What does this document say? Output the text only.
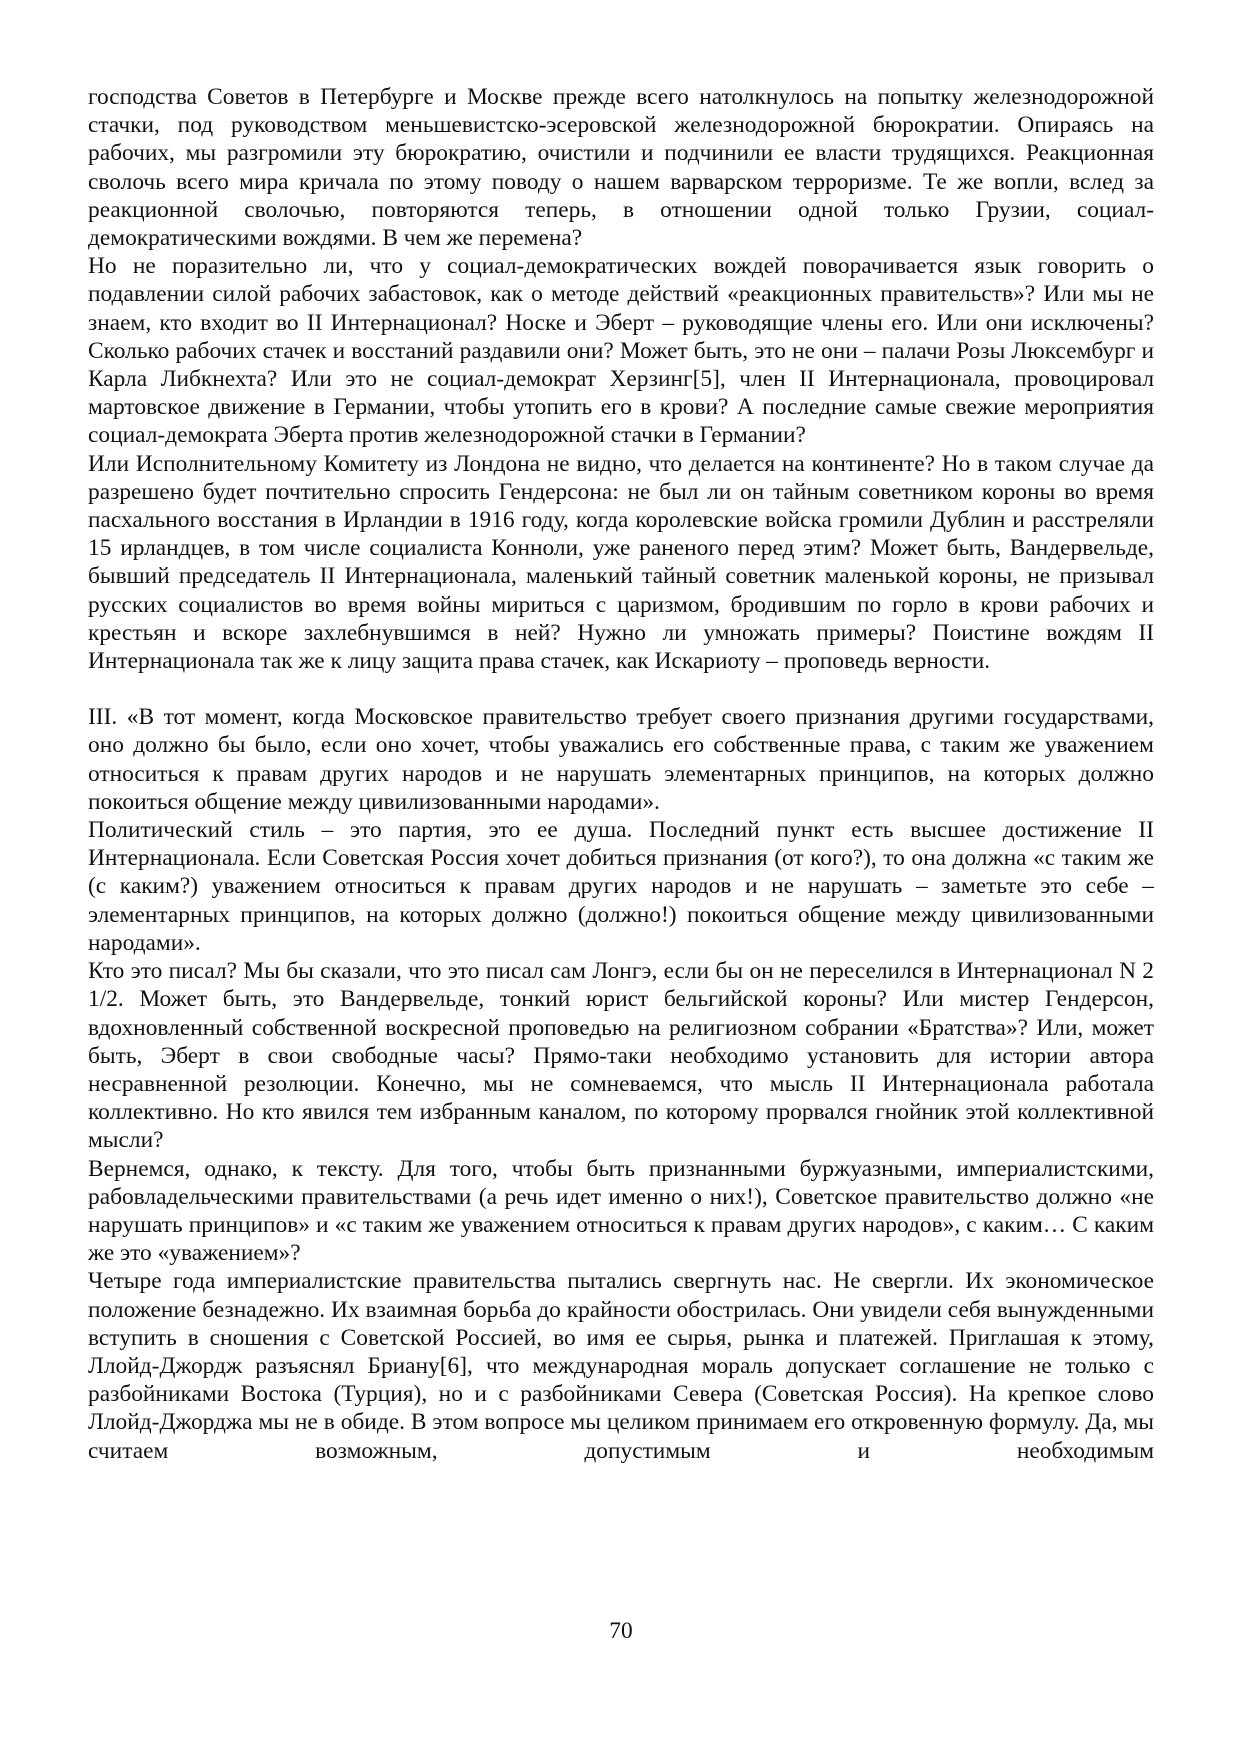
господства Советов в Петербурге и Москве прежде всего натолкнулось на попытку железнодорожной стачки, под руководством меньшевистско-эсеровской железнодорожной бюрократии. Опираясь на рабочих, мы разгромили эту бюрократию, очистили и подчинили ее власти трудящихся. Реакционная сволочь всего мира кричала по этому поводу о нашем варварском терроризме. Те же вопли, вслед за реакционной сволочью, повторяются теперь, в отношении одной только Грузии, социал-демократическими вождями. В чем же перемена?

Но не поразительно ли, что у социал-демократических вождей поворачивается язык говорить о подавлении силой рабочих забастовок, как о методе действий «реакционных правительств»? Или мы не знаем, кто входит во II Интернационал? Носке и Эберт – руководящие члены его. Или они исключены? Сколько рабочих стачек и восстаний раздавили они? Может быть, это не они – палачи Розы Люксембург и Карла Либкнехта? Или это не социал-демократ Херзинг[5], член II Интернационала, провоцировал мартовское движение в Германии, чтобы утопить его в крови? А последние самые свежие мероприятия социал-демократа Эберта против железнодорожной стачки в Германии?

Или Исполнительному Комитету из Лондона не видно, что делается на континенте? Но в таком случае да разрешено будет почтительно спросить Гендерсона: не был ли он тайным советником короны во время пасхального восстания в Ирландии в 1916 году, когда королевские войска громили Дублин и расстреляли 15 ирландцев, в том числе социалиста Конноли, уже раненого перед этим? Может быть, Вандервельде, бывший председатель II Интернационала, маленький тайный советник маленькой короны, не призывал русских социалистов во время войны мириться с царизмом, бродившим по горло в крови рабочих и крестьян и вскоре захлебнувшимся в ней? Нужно ли умножать примеры? Поистине вождям II Интернационала так же к лицу защита права стачек, как Искариоту – проповедь верности.

III. «В тот момент, когда Московское правительство требует своего признания другими государствами, оно должно бы было, если оно хочет, чтобы уважались его собственные права, с таким же уважением относиться к правам других народов и не нарушать элементарных принципов, на которых должно покоиться общение между цивилизованными народами».

Политический стиль – это партия, это ее душа. Последний пункт есть высшее достижение II Интернационала. Если Советская Россия хочет добиться признания (от кого?), то она должна «с таким же (с каким?) уважением относиться к правам других народов и не нарушать – заметьте это себе – элементарных принципов, на которых должно (должно!) покоиться общение между цивилизованными народами».

Кто это писал? Мы бы сказали, что это писал сам Лонгэ, если бы он не переселился в Интернационал N 2 1/2. Может быть, это Вандервельде, тонкий юрист бельгийской короны? Или мистер Гендерсон, вдохновленный собственной воскресной проповедью на религиозном собрании «Братства»? Или, может быть, Эберт в свои свободные часы? Прямо-таки необходимо установить для истории автора несравненной резолюции. Конечно, мы не сомневаемся, что мысль II Интернационала работала коллективно. Но кто явился тем избранным каналом, по которому прорвался гнойник этой коллективной мысли?

Вернемся, однако, к тексту. Для того, чтобы быть признанными буржуазными, империалистскими, рабовладельческими правительствами (а речь идет именно о них!), Советское правительство должно «не нарушать принципов» и «с таким же уважением относиться к правам других народов», с каким… С каким же это «уважением»?

Четыре года империалистские правительства пытались свергнуть нас. Не свергли. Их экономическое положение безнадежно. Их взаимная борьба до крайности обострилась. Они увидели себя вынужденными вступить в сношения с Советской Россией, во имя ее сырья, рынка и платежей. Приглашая к этому, Ллойд-Джордж разъяснял Бриану[6], что международная мораль допускает соглашение не только с разбойниками Востока (Турция), но и с разбойниками Севера (Советская Россия). На крепкое слово Ллойд-Джорджа мы не в обиде. В этом вопросе мы целиком принимаем его откровенную формулу. Да, мы считаем возможным, допустимым и необходимым

70
